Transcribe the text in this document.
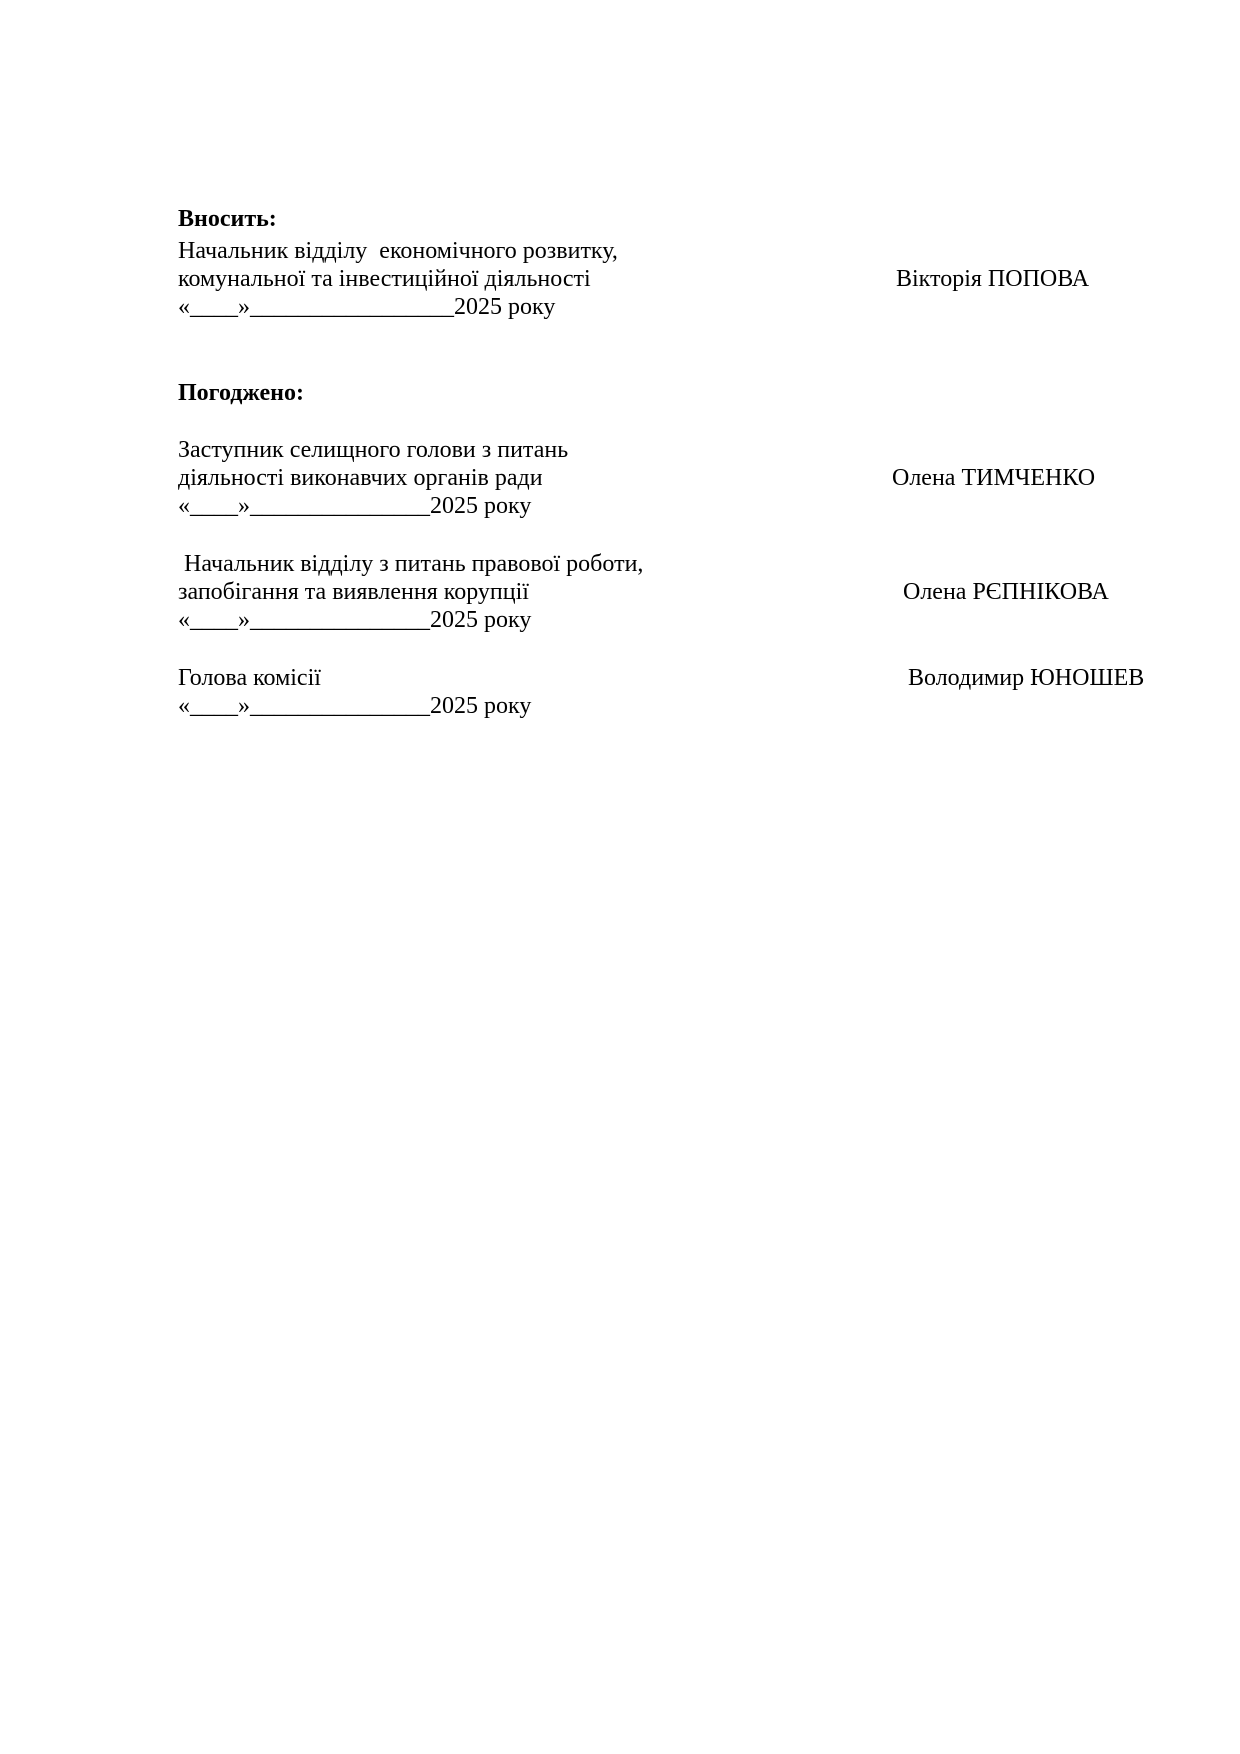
Вносить:
Начальник відділу  економічного розвитку,
комунальної та інвестиційної діяльності	Вікторія ПОПОВА
«____»_________________2025 року
Погоджено:
Заступник селищного голови з питань
діяльності виконавчих органів ради	Олена ТИМЧЕНКО
«____»_______________2025 року
Начальник відділу з питань правової роботи,
запобігання та виявлення корупції	Олена РЄПНІКОВА
«____»_______________2025 року
Голова комісії	Володимир ЮНОШЕВ
«____»_______________2025 року
